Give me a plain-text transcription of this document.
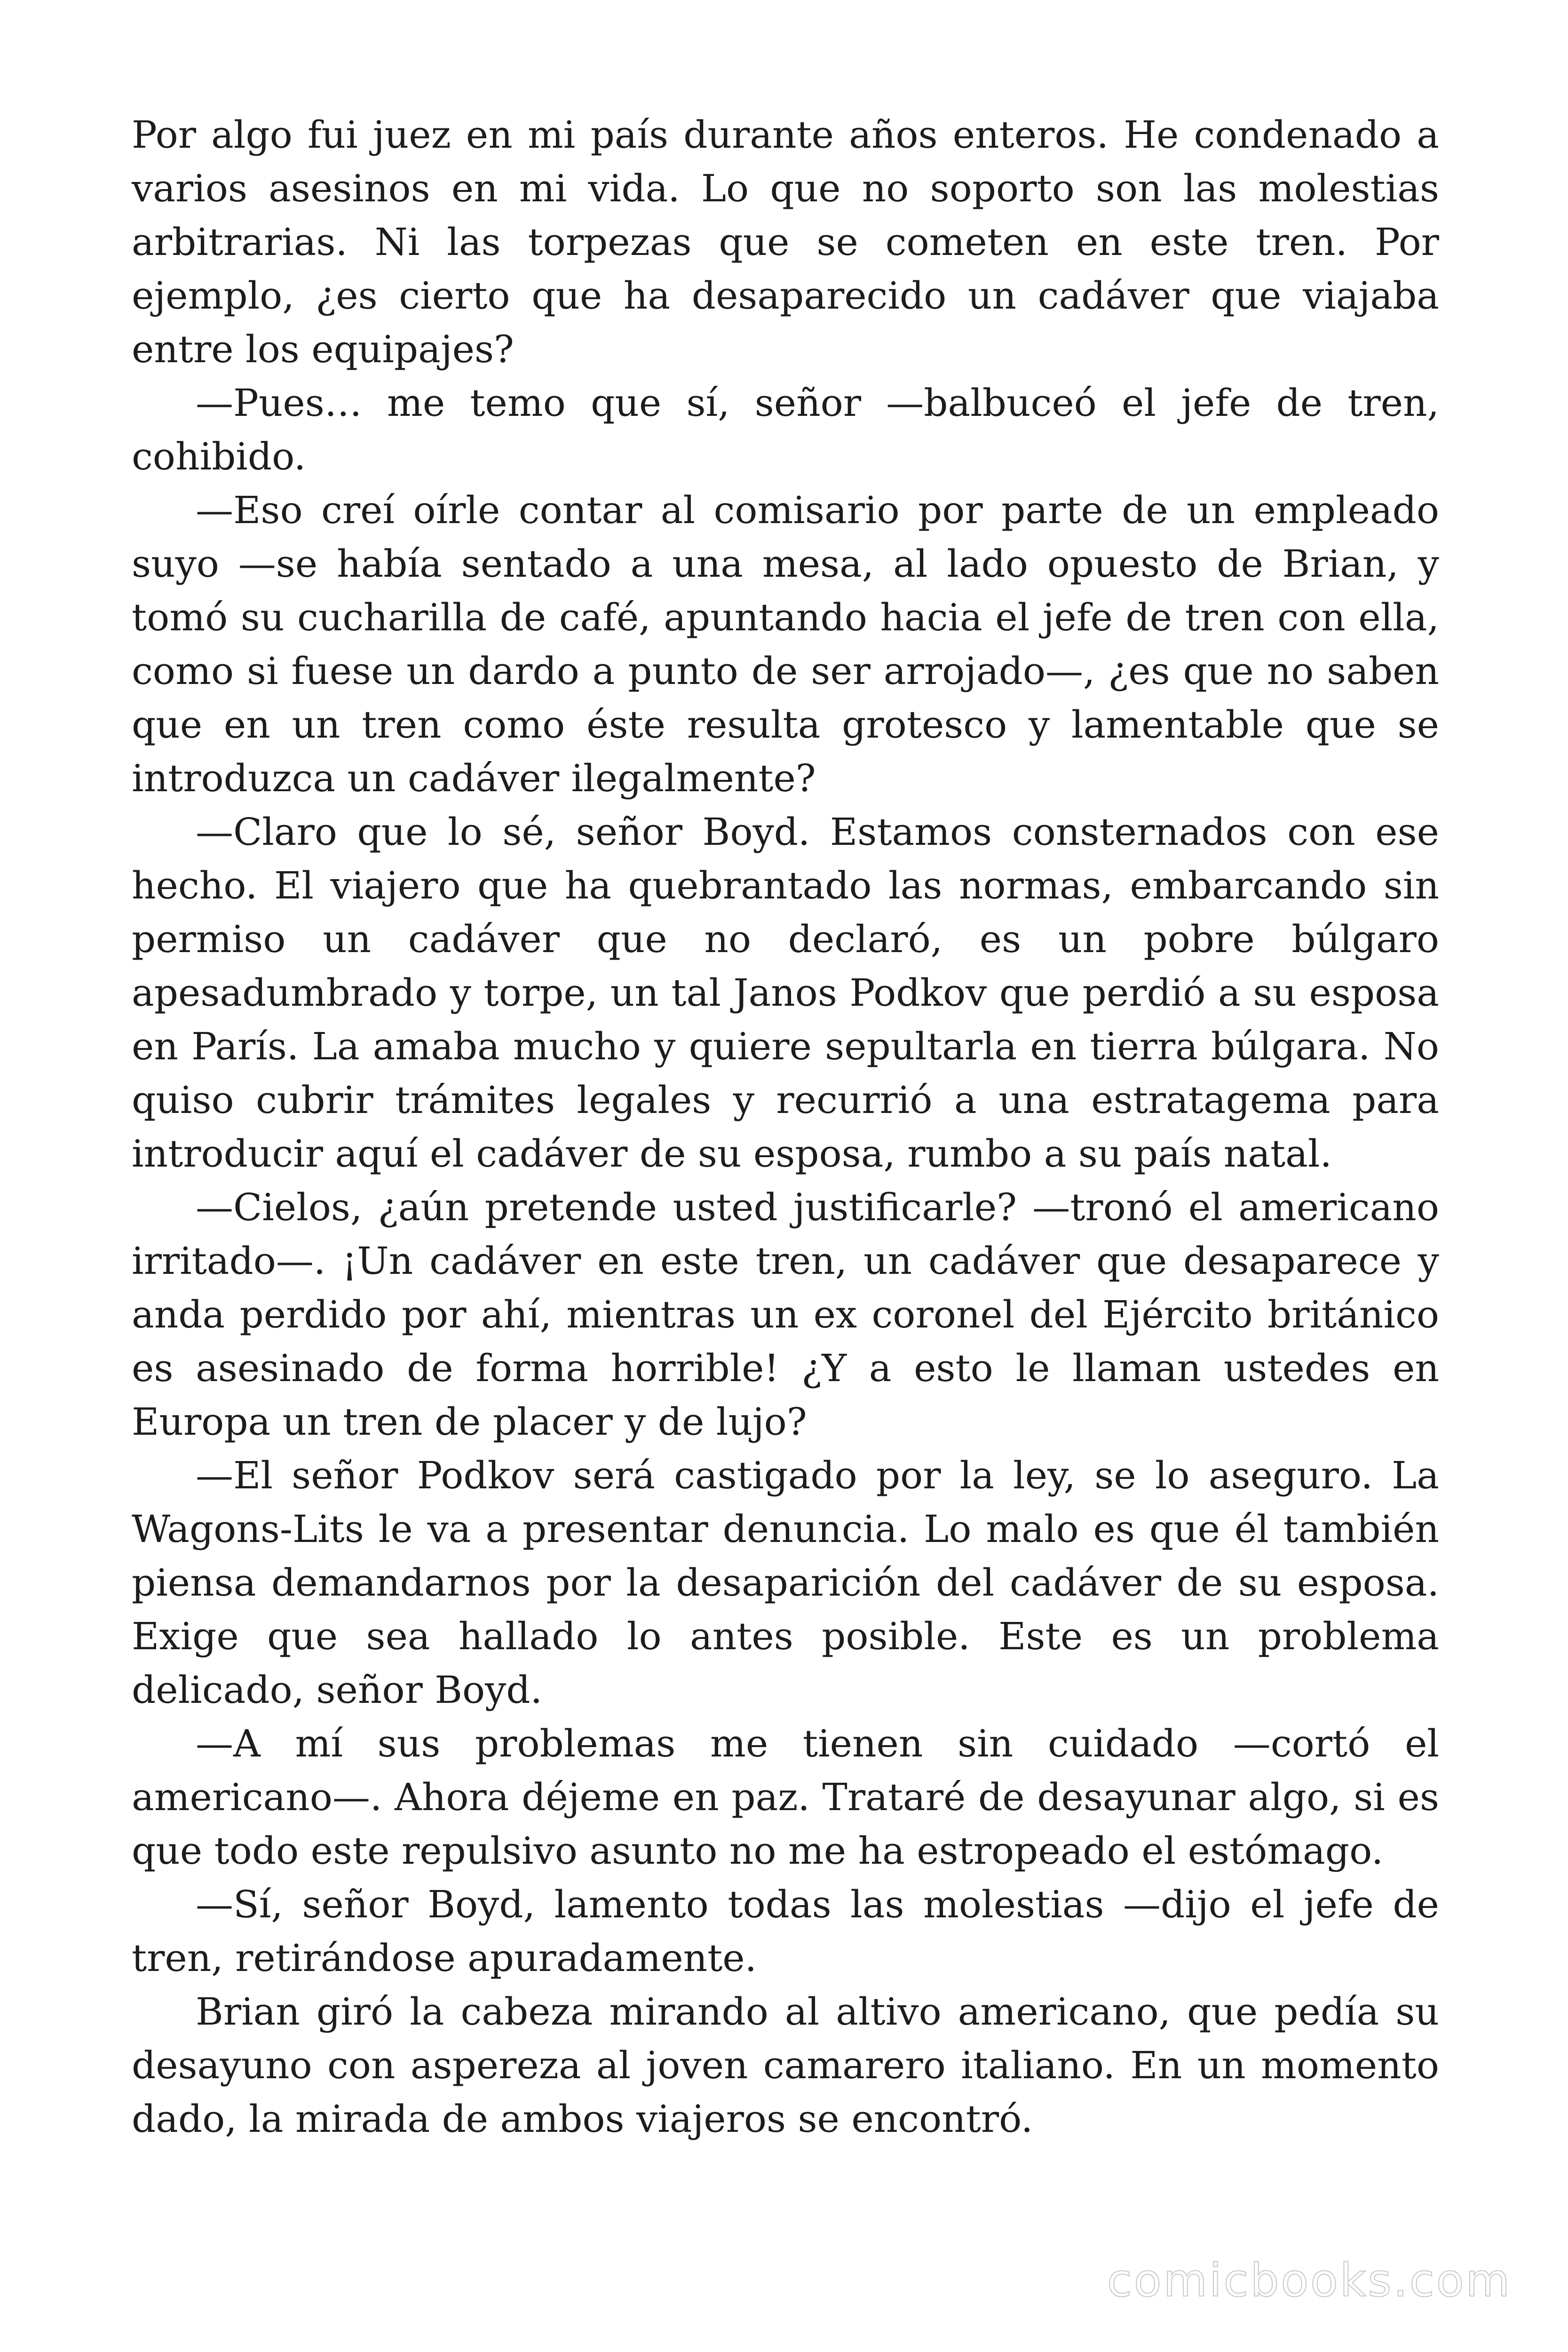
Por algo fui juez en mi país durante años enteros. He condenado a varios asesinos en mi vida. Lo que no soporto son las molestias arbitrarias. Ni las torpezas que se cometen en este tren. Por ejemplo, ¿es cierto que ha desaparecido un cadáver que viajaba entre los equipajes?

—Pues… me temo que sí, señor —balbuceó el jefe de tren, cohibido.

—Eso creí oírle contar al comisario por parte de un empleado suyo —se había sentado a una mesa, al lado opuesto de Brian, y tomó su cucharilla de café, apuntando hacia el jefe de tren con ella, como si fuese un dardo a punto de ser arrojado—, ¿es que no saben que en un tren como éste resulta grotesco y lamentable que se introduzca un cadáver ilegalmente?

—Claro que lo sé, señor Boyd. Estamos consternados con ese hecho. El viajero que ha quebrantado las normas, embarcando sin permiso un cadáver que no declaró, es un pobre búlgaro apesadumbrado y torpe, un tal Janos Podkov que perdió a su esposa en París. La amaba mucho y quiere sepultarla en tierra búlgara. No quiso cubrir trámites legales y recurrió a una estratagema para introducir aquí el cadáver de su esposa, rumbo a su país natal.

—Cielos, ¿aún pretende usted justificarle? —tronó el americano irritado—. ¡Un cadáver en este tren, un cadáver que desaparece y anda perdido por ahí, mientras un ex coronel del Ejército británico es asesinado de forma horrible! ¿Y a esto le llaman ustedes en Europa un tren de placer y de lujo?

—El señor Podkov será castigado por la ley, se lo aseguro. La Wagons-Lits le va a presentar denuncia. Lo malo es que él también piensa demandarnos por la desaparición del cadáver de su esposa. Exige que sea hallado lo antes posible. Este es un problema delicado, señor Boyd.

—A mí sus problemas me tienen sin cuidado —cortó el americano—. Ahora déjeme en paz. Trataré de desayunar algo, si es que todo este repulsivo asunto no me ha estropeado el estómago.

—Sí, señor Boyd, lamento todas las molestias —dijo el jefe de tren, retirándose apuradamente.

Brian giró la cabeza mirando al altivo americano, que pedía su desayuno con aspereza al joven camarero italiano. En un momento dado, la mirada de ambos viajeros se encontró.

comicbooks.com
